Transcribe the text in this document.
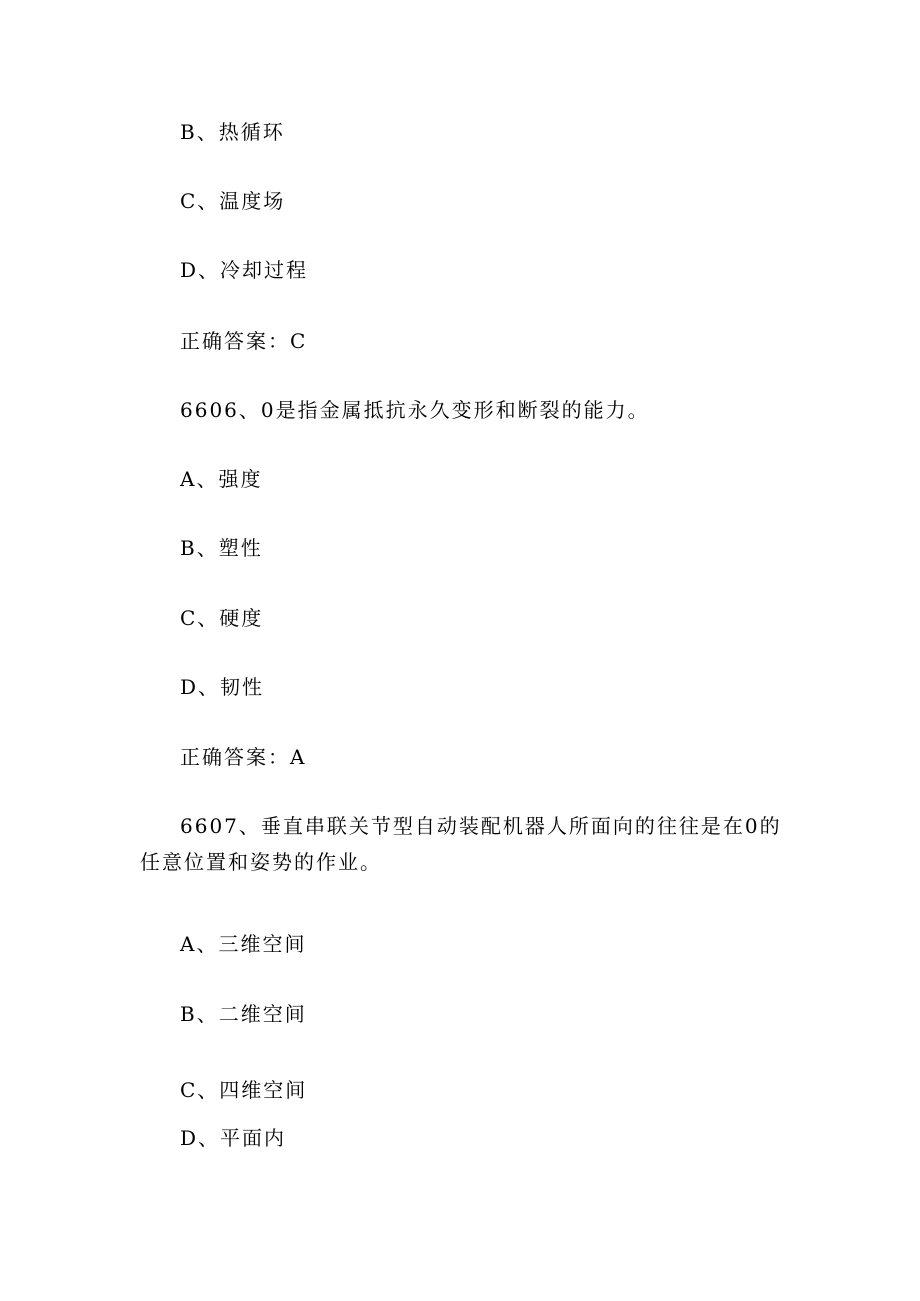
B、热循环
C、温度场
D、冷却过程
正确答案：C
6606、0是指金属抵抗永久变形和断裂的能力。
A、强度
B、塑性
C、硬度
D、韧性
正确答案：A
6607、垂直串联关节型自动装配机器人所面向的往往是在0的任意位置和姿势的作业。
A、三维空间
B、二维空间
C、四维空间
D、平面内
